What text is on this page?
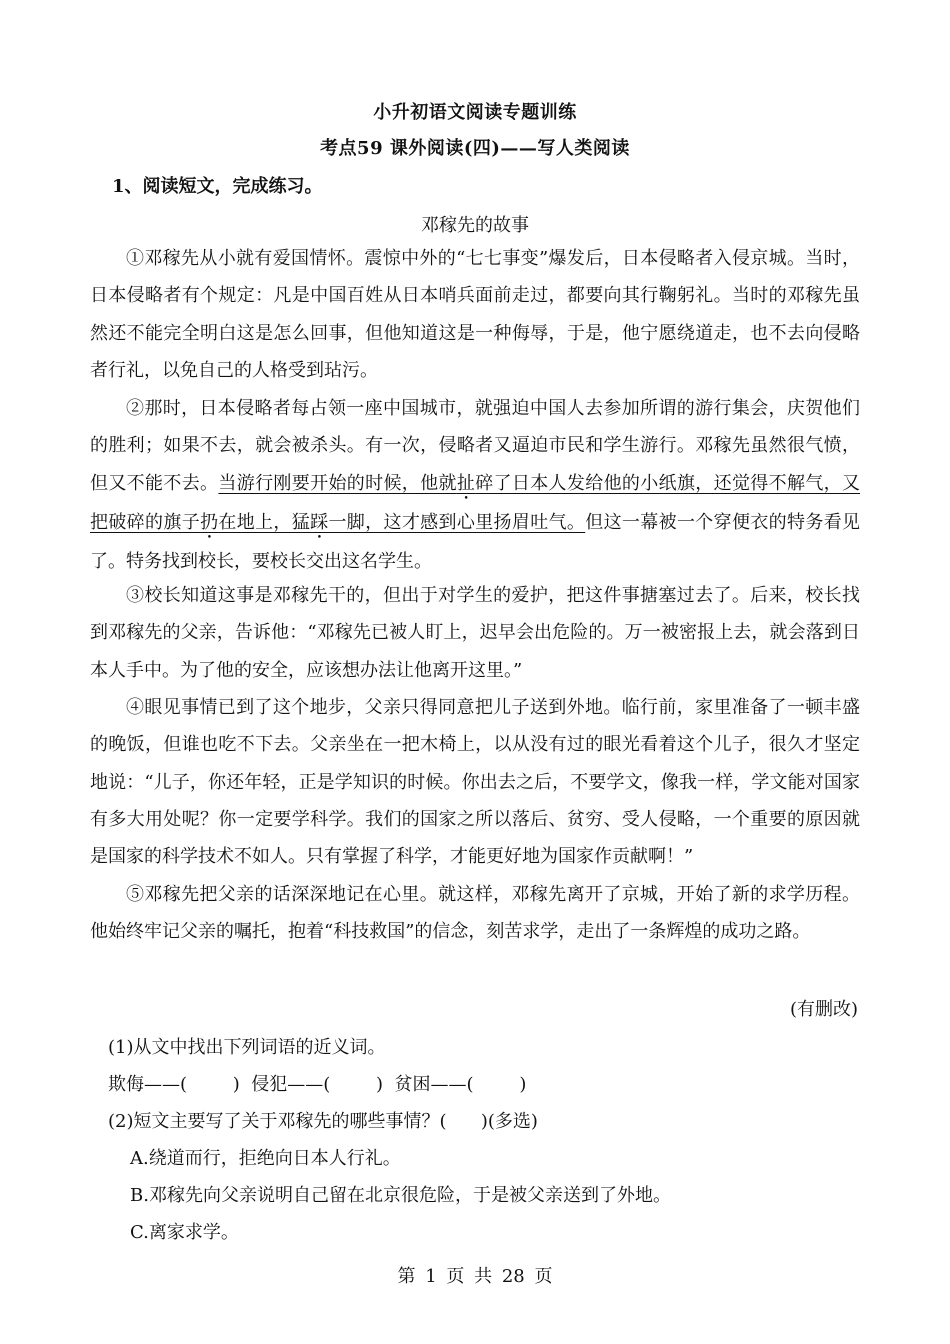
小升初语文阅读专题训练
考点59 课外阅读(四)——写人类阅读
1、阅读短文，完成练习。
邓稼先的故事
①邓稼先从小就有爱国情怀。震惊中外的“七七事变”爆发后，日本侵略者入侵京城。当时，日本侵略者有个规定：凡是中国百姓从日本哨兵面前走过，都要向其行鞠躬礼。当时的邓稼先虽然还不能完全明白这是怎么回事，但他知道这是一种侮辱，于是，他宁愿绕道走，也不去向侵略者行礼，以免自己的人格受到玷污。
②那时，日本侵略者每占领一座中国城市，就强迫中国人去参加所谓的游行集会，庆贺他们的胜利；如果不去，就会被杀头。有一次，侵略者又逼迫市民和学生游行。邓稼先虽然很气愤，但又不能不去。当游行刚要开始的时候，他就扯碎了日本人发给他的小纸旗，还觉得不解气，又把破碎的旗子扔在地上，猛踩一脚，这才感到心里扬眉吐气。但这一幕被一个穿便衣的特务看见了。特务找到校长，要校长交出这名学生。
③校长知道这事是邓稼先干的，但出于对学生的爱护，把这件事搪塞过去了。后来，校长找到邓稼先的父亲，告诉他：“邓稼先已被人盯上，迟早会出危险的。万一被密报上去，就会落到日本人手中。为了他的安全，应该想办法让他离开这里。”
④眼见事情已到了这个地步，父亲只得同意把儿子送到外地。临行前，家里准备了一顿丰盛的晚饭，但谁也吃不下去。父亲坐在一把木椅上，以从没有过的眼光看着这个儿子，很久才坚定地说：“儿子，你还年轻，正是学知识的时候。你出去之后，不要学文，像我一样，学文能对国家有多大用处呢？你一定要学科学。我们的国家之所以落后、贫穷、受人侵略，一个重要的原因就是国家的科学技术不如人。只有掌握了科学，才能更好地为国家作贡献啊！”
⑤邓稼先把父亲的话深深地记在心里。就这样，邓稼先离开了京城，开始了新的求学历程。他始终牢记父亲的嘱托，抱着“科技救国”的信念，刻苦求学，走出了一条辉煌的成功之路。
(有删改)
(1)从文中找出下列词语的近义词。
欺侮——(        )  侵犯——(        )  贫困——(        )
(2)短文主要写了关于邓稼先的哪些事情？(      )(多选)
A.绕道而行，拒绝向日本人行礼。
B.邓稼先向父亲说明自己留在北京很危险，于是被父亲送到了外地。
C.离家求学。
第 1 页 共 28 页
